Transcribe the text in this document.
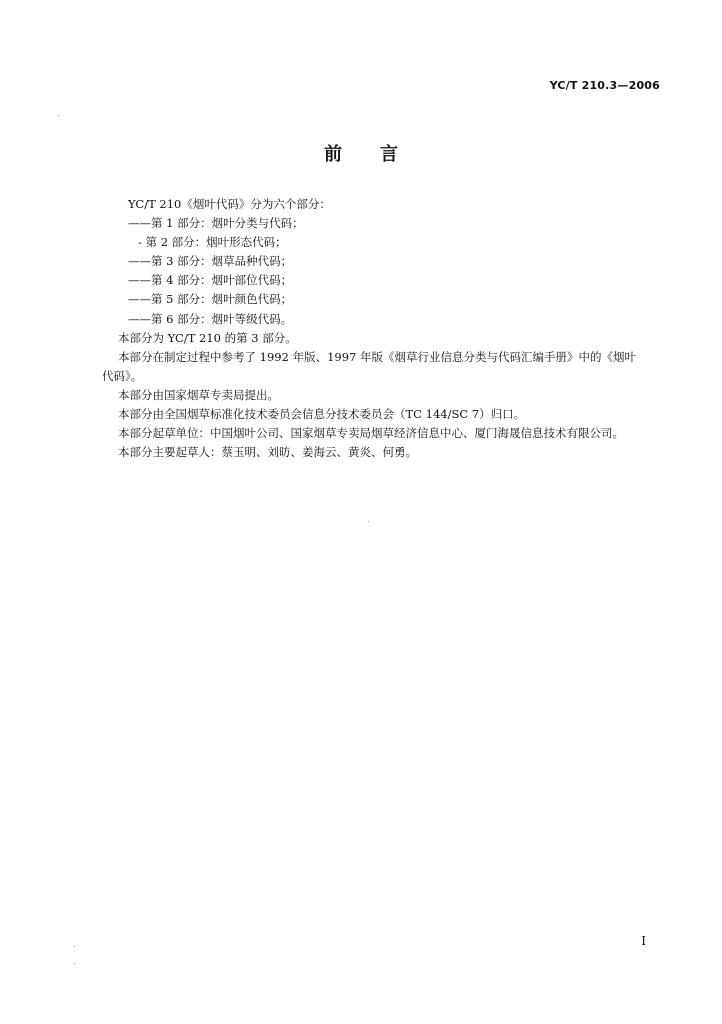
YC/T 210.3—2006
前 言

YC/T 210《烟叶代码》分为六个部分：

——第 1 部分：烟叶分类与代码；

- 第 2 部分：烟叶形态代码；

——第 3 部分：烟草品种代码；

——第 4 部分：烟叶部位代码；

——第 5 部分：烟叶颜色代码；

——第 6 部分：烟叶等级代码。

本部分为 YC/T 210 的第 3 部分。

本部分在制定过程中参考了 1992 年版、1997 年版《烟草行业信息分类与代码汇编手册》中的《烟叶

代码》。

本部分由国家烟草专卖局提出。

本部分由全国烟草标准化技术委员会信息分技术委员会（TC 144/SC 7）归口。

本部分起草单位：中国烟叶公司、国家烟草专卖局烟草经济信息中心、厦门海晟信息技术有限公司。

本部分主要起草人：蔡玉明、刘昉、姜海云、黄炎、何勇。

I
